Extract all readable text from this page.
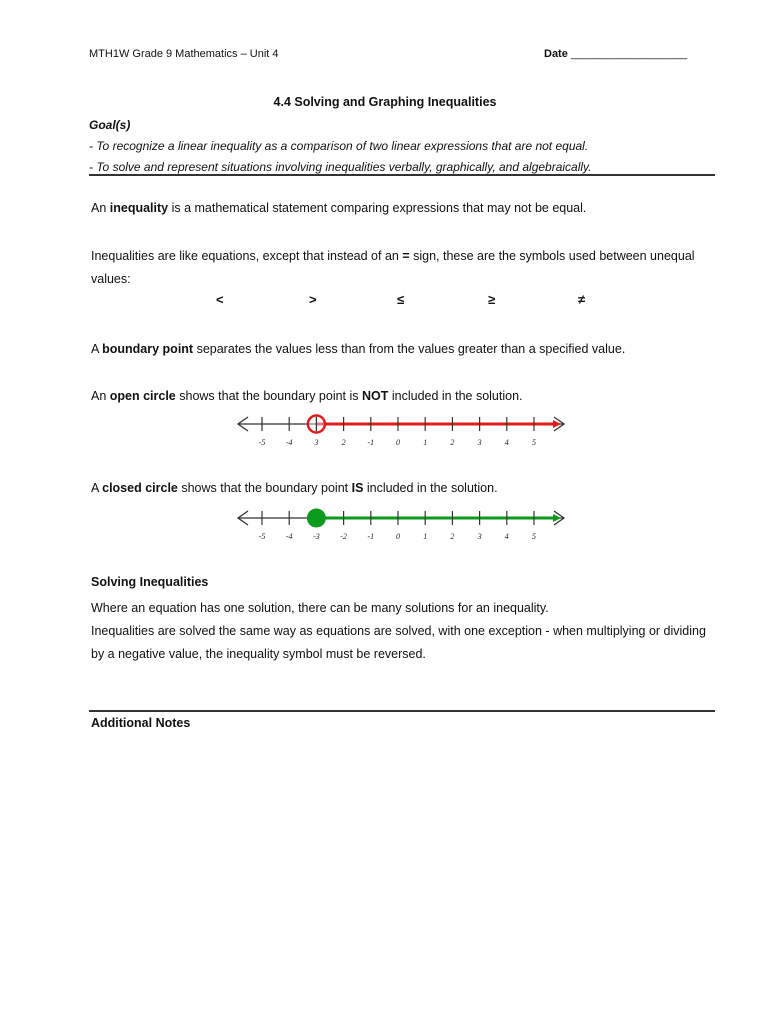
MTH1W Grade 9 Mathematics – Unit 4	Date ___________________
4.4 Solving and Graphing Inequalities
Goal(s)
- To recognize a linear inequality as a comparison of two linear expressions that are not equal.
- To solve and represent situations involving inequalities verbally, graphically, and algebraically.
An inequality is a mathematical statement comparing expressions that may not be equal.
Inequalities are like equations, except that instead of an = sign, these are the symbols used between unequal values:
<	>	≤	≥	≠
A boundary point separates the values less than from the values greater than a specified value.
An open circle shows that the boundary point is NOT included in the solution.
-5	-4	3	2	-1	0	1	2	3	4	5
A closed circle shows that the boundary point IS included in the solution.
-5	-4	-3	-2	-1	0	1	2	3	4	5
Solving Inequalities
Where an equation has one solution, there can be many solutions for an inequality.
Inequalities are solved the same way as equations are solved, with one exception - when multiplying or dividing by a negative value, the inequality symbol must be reversed.
Additional Notes
